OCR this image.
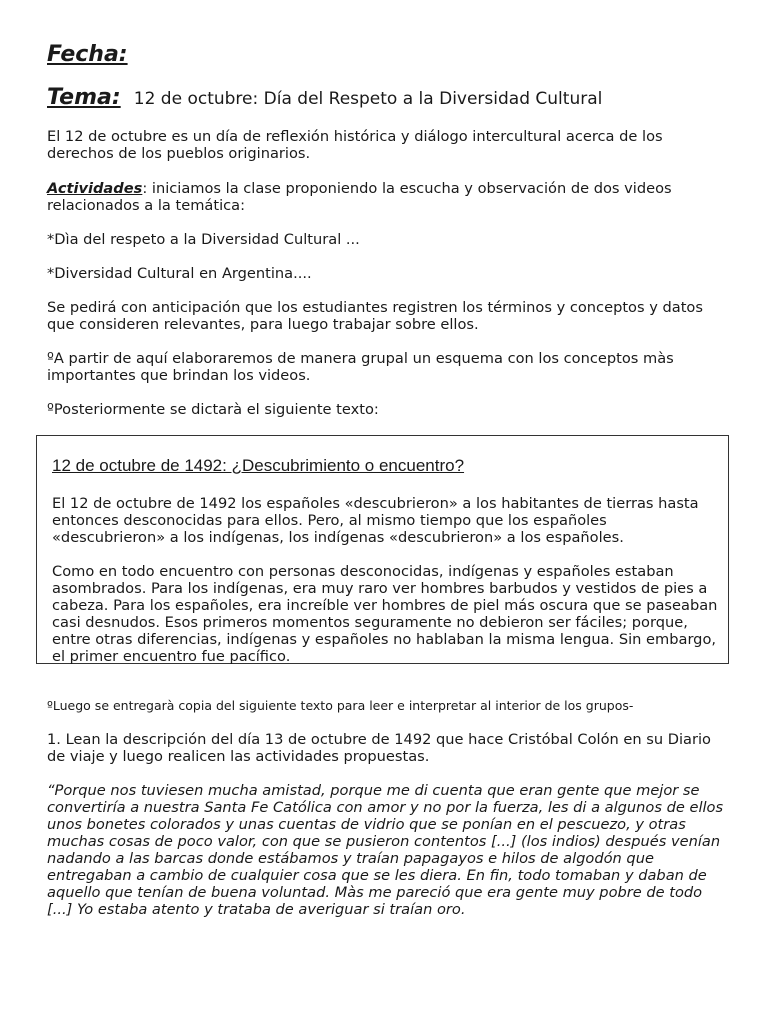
Fecha:
Tema: 12 de octubre: Día del Respeto a la Diversidad Cultural

El 12 de octubre es un día de reflexión histórica y diálogo intercultural acerca de los derechos de los pueblos originarios.

Actividades: iniciamos la clase proponiendo la escucha y observación de dos videos relacionados a la temática:

*Dìa del respeto a la Diversidad Cultural ...

*Diversidad Cultural en Argentina....

Se pedirá con anticipación que los estudiantes registren los términos y conceptos y datos que consideren relevantes, para luego trabajar sobre ellos.

ºA partir de aquí elaboraremos de manera grupal un esquema con los conceptos màs importantes que brindan los videos.

ºPosteriormente se dictarà el siguiente texto:

12 de octubre de 1492: ¿Descubrimiento o encuentro?

El 12 de octubre de 1492 los españoles «descubrieron» a los habitantes de tierras hasta entonces desconocidas para ellos. Pero, al mismo tiempo que los españoles «descubrieron» a los indígenas, los indígenas «descubrieron» a los españoles.

Como en todo encuentro con personas desconocidas, indígenas y españoles estaban asombrados. Para los indígenas, era muy raro ver hombres barbudos y vestidos de pies a cabeza. Para los españoles, era increíble ver hombres de piel más oscura que se paseaban casi desnudos. Esos primeros momentos seguramente no debieron ser fáciles; porque, entre otras diferencias, indígenas y españoles no hablaban la misma lengua. Sin embargo, el primer encuentro fue pacífico.

ºLuego se entregarà copia del siguiente texto para leer e interpretar al interior de los grupos-

1. Lean la descripción del día 13 de octubre de 1492 que hace Cristóbal Colón en su Diario de viaje y luego realicen las actividades propuestas.

“Porque nos tuviesen mucha amistad, porque me di cuenta que eran gente que mejor se convertiría a nuestra Santa Fe Católica con amor y no por la fuerza, les di a algunos de ellos unos bonetes colorados y unas cuentas de vidrio que se ponían en el pescuezo, y otras muchas cosas de poco valor, con que se pusieron contentos [...] (los indios) después venían nadando a las barcas donde estábamos y traían papagayos e hilos de algodón que entregaban a cambio de cualquier cosa que se les diera. En fin, todo tomaban y daban de aquello que tenían de buena voluntad. Màs me pareció que era gente muy pobre de todo [...] Yo estaba atento y trataba de averiguar si traían oro.
